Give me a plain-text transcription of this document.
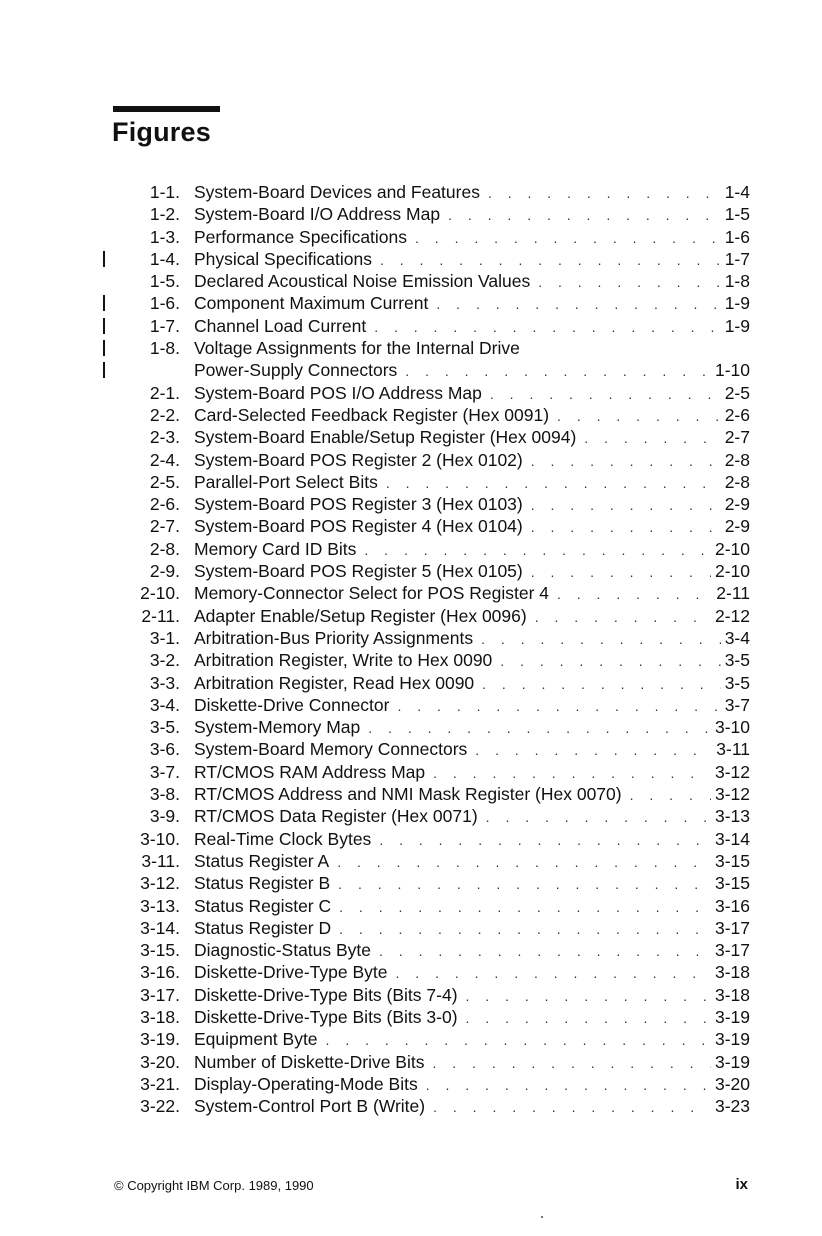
Figures
1-1. System-Board Devices and Features . . .	1-4
1-2. System-Board I/O Address Map . . .	1-5
1-3. Performance Specifications . . .	1-6
1-4. Physical Specifications . . .	1-7
1-5. Declared Acoustical Noise Emission Values . . .	1-8
1-6. Component Maximum Current . . .	1-9
1-7. Channel Load Current . . .	1-9
1-8. Voltage Assignments for the Internal Drive
Power-Supply Connectors . . .	1-10
2-1. System-Board POS I/O Address Map . . .	2-5
2-2. Card-Selected Feedback Register (Hex 0091) . . .	2-6
2-3. System-Board Enable/Setup Register (Hex 0094) . . .	2-7
2-4. System-Board POS Register 2 (Hex 0102) . . .	2-8
2-5. Parallel-Port Select Bits . . .	2-8
2-6. System-Board POS Register 3 (Hex 0103) . . .	2-9
2-7. System-Board POS Register 4 (Hex 0104) . . .	2-9
2-8. Memory Card ID Bits . . .	2-10
2-9. System-Board POS Register 5 (Hex 0105) . . .	2-10
2-10. Memory-Connector Select for POS Register 4 . . .	2-11
2-11. Adapter Enable/Setup Register (Hex 0096) . . .	2-12
3-1. Arbitration-Bus Priority Assignments . . .	3-4
3-2. Arbitration Register, Write to Hex 0090 . . .	3-5
3-3. Arbitration Register, Read Hex 0090 . . .	3-5
3-4. Diskette-Drive Connector . . .	3-7
3-5. System-Memory Map . . .	3-10
3-6. System-Board Memory Connectors . . .	3-11
3-7. RT/CMOS RAM Address Map . . .	3-12
3-8. RT/CMOS Address and NMI Mask Register (Hex 0070) . . .	3-12
3-9. RT/CMOS Data Register (Hex 0071) . . .	3-13
3-10. Real-Time Clock Bytes . . .	3-14
3-11. Status Register A . . .	3-15
3-12. Status Register B . . .	3-15
3-13. Status Register C . . .	3-16
3-14. Status Register D . . .	3-17
3-15. Diagnostic-Status Byte . . .	3-17
3-16. Diskette-Drive-Type Byte . . .	3-18
3-17. Diskette-Drive-Type Bits (Bits 7-4) . . .	3-18
3-18. Diskette-Drive-Type Bits (Bits 3-0) . . .	3-19
3-19. Equipment Byte . . .	3-19
3-20. Number of Diskette-Drive Bits . . .	3-19
3-21. Display-Operating-Mode Bits . . .	3-20
3-22. System-Control Port B (Write) . . .	3-23
© Copyright IBM Corp. 1989, 1990	ix
